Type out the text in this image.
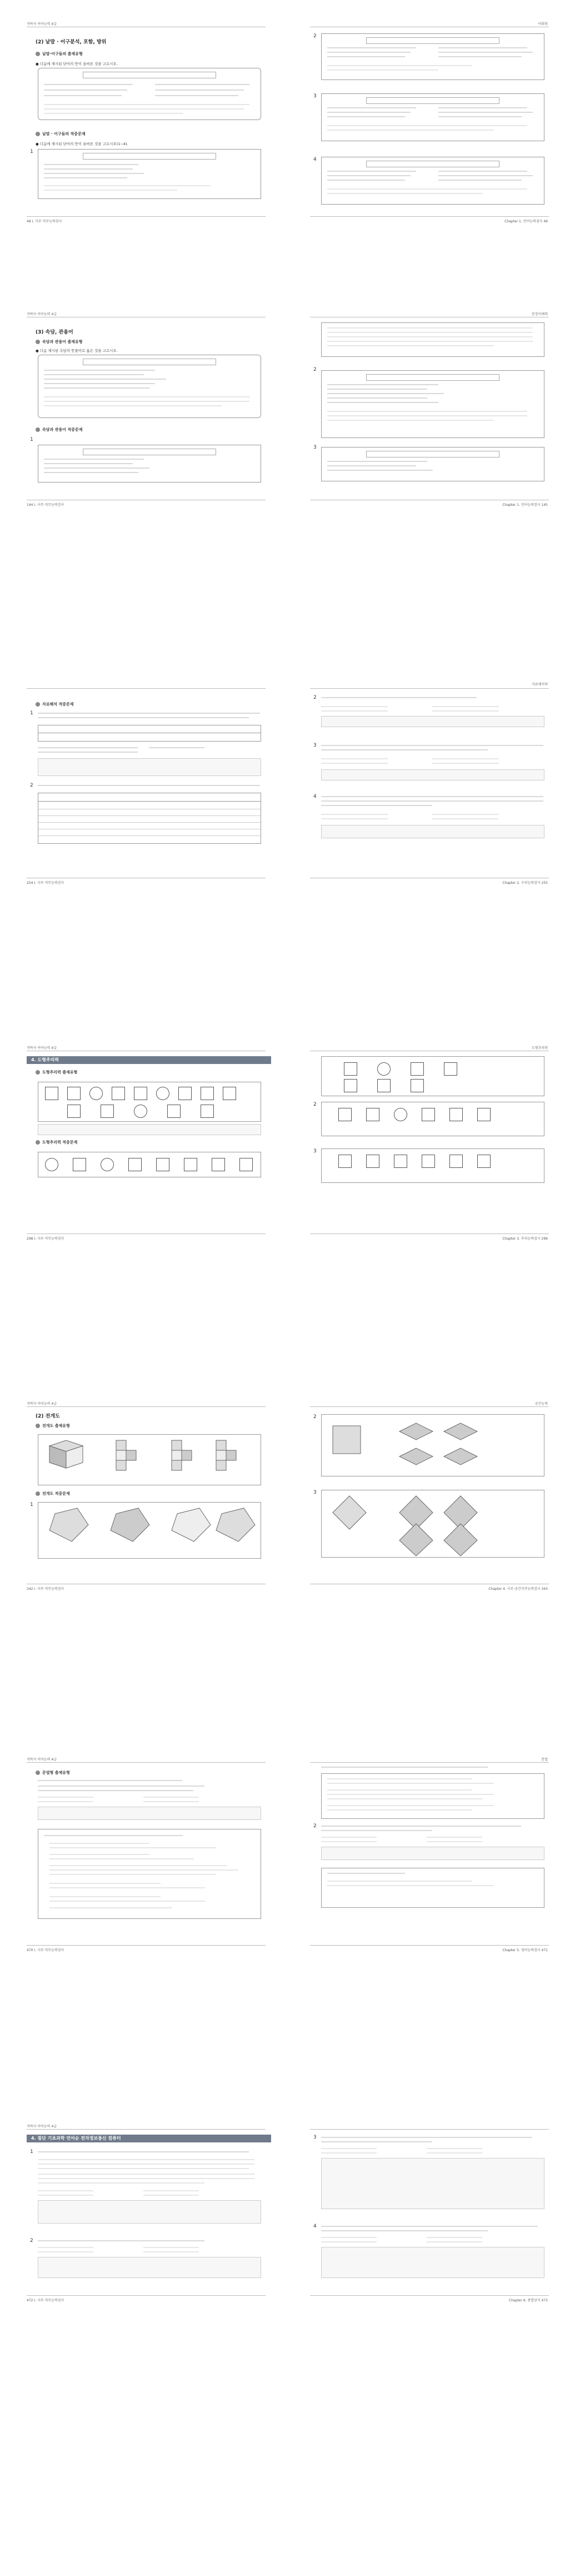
석박사 어어능력 4급
(2) 낱말 · 어구분석, 포함, 방위
낱말·어구들의 출제유형
● 다음에 제시된 단어의 뜻이 올바른 것을 고르시오.
낱말 · 어구들의 적중문제
● 다음에 제시된 단어의 뜻이 올바른 것을 고르시오(1~4).
1
48 I. 사무·직무능력검사
어휘력
2
3
4
Chapter 1. 언어능력검사 49
석박사 어어능력 4급
(3) 속담, 관용어
속담과 관용어 출제유형
● 다음 제시된 속담의 뜻풀이로 옳은 것을 고르시오.
속담과 관용어 적중문제
1
144 I. 사무·직무능력검사
문장이해력
2
3
Chapter 1. 언어능력검사 145
자료해석 적중문제
1
2
254 I. 사무·직무능력검사
자료해석력
2
3
4
Chapter 2. 수리능력검사 255
석박사 어어능력 4급
4. 도형추리력
도형추리력 출제유형
도형추리력 적중문제
298 I. 사무·직무능력검사
도형추리력
2
3
Chapter 3. 추리능력검사 299
석박사 어어능력 4급
(2) 전개도
전개도 출제유형
전개도 적중문제
1
342 I. 사무·직무능력검사
공간능력
2
3
Chapter 4. 사무·공간지각능력검사 343
석박사 어어능력 4급
문법형 출제유형
470 I. 사무·직무능력검사
문법
2
Chapter 5. 영어능력검사 471
석박사 어어능력 4급
4. 첨단 기초과학 언어순 전자정보통신 컴퓨터
1
2
472 I. 사무·직무능력검사
3
4
Chapter 6. 종합상식 473
